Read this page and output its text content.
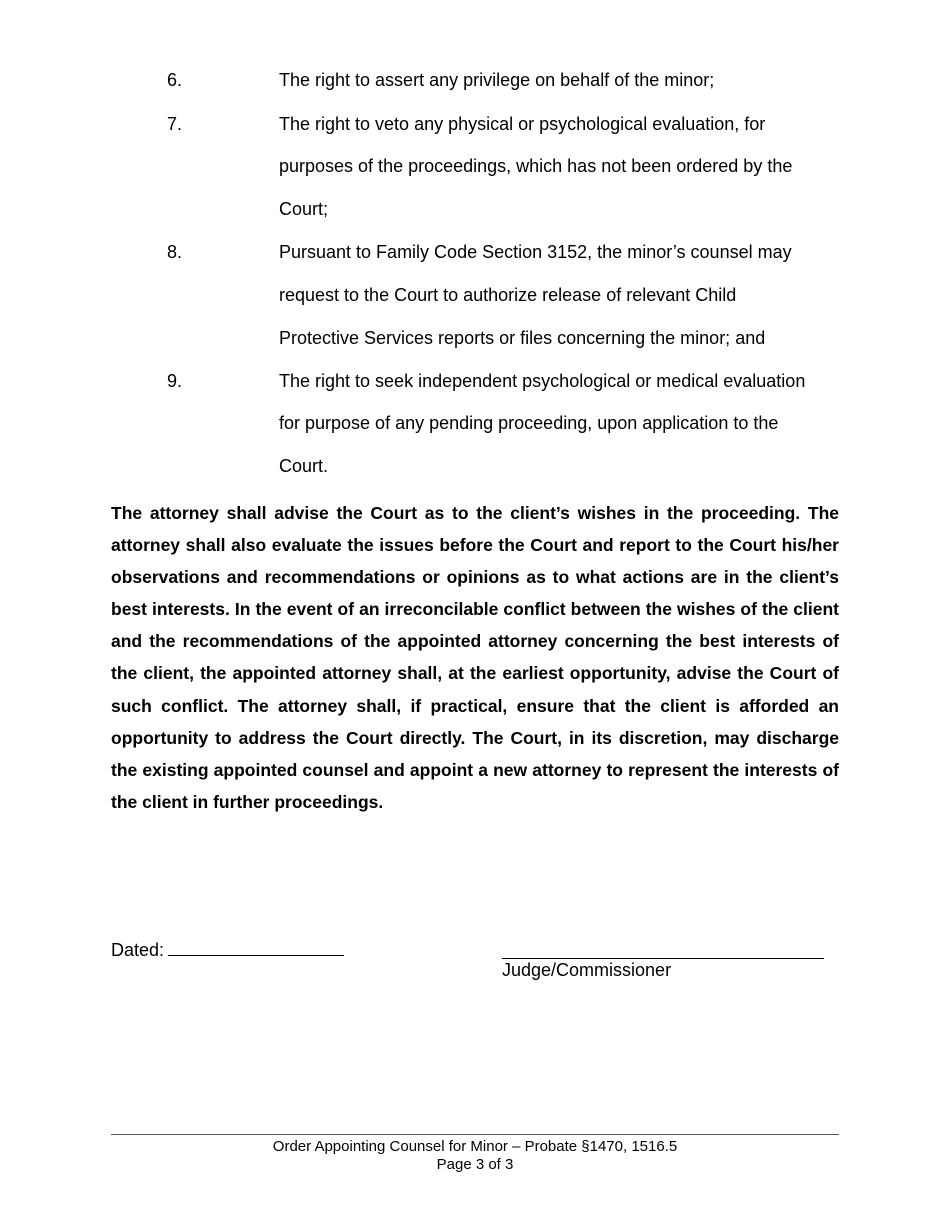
6.	The right to assert any privilege on behalf of the minor;
7.	The right to veto any physical or psychological evaluation, for
purposes of the proceedings, which has not been ordered by the
Court;
8.	Pursuant to Family Code Section 3152, the minor’s counsel may
request to the Court to authorize release of relevant Child
Protective Services reports or files concerning the minor; and
9.	The right to seek independent psychological or medical evaluation
for purpose of any pending proceeding, upon application to the
Court.

The attorney shall advise the Court as to the client’s wishes in the proceeding. The attorney shall also evaluate the issues before the Court and report to the Court his/her observations and recommendations or opinions as to what actions are in the client’s best interests. In the event of an irreconcilable conflict between the wishes of the client and the recommendations of the appointed attorney concerning the best interests of the client, the appointed attorney shall, at the earliest opportunity, advise the Court of such conflict. The attorney shall, if practical, ensure that the client is afforded an opportunity to address the Court directly. The Court, in its discretion, may discharge the existing appointed counsel and appoint a new attorney to represent the interests of the client in further proceedings.

Dated:
Judge/Commissioner
Order Appointing Counsel for Minor – Probate §1470, 1516.5
Page 3 of 3
